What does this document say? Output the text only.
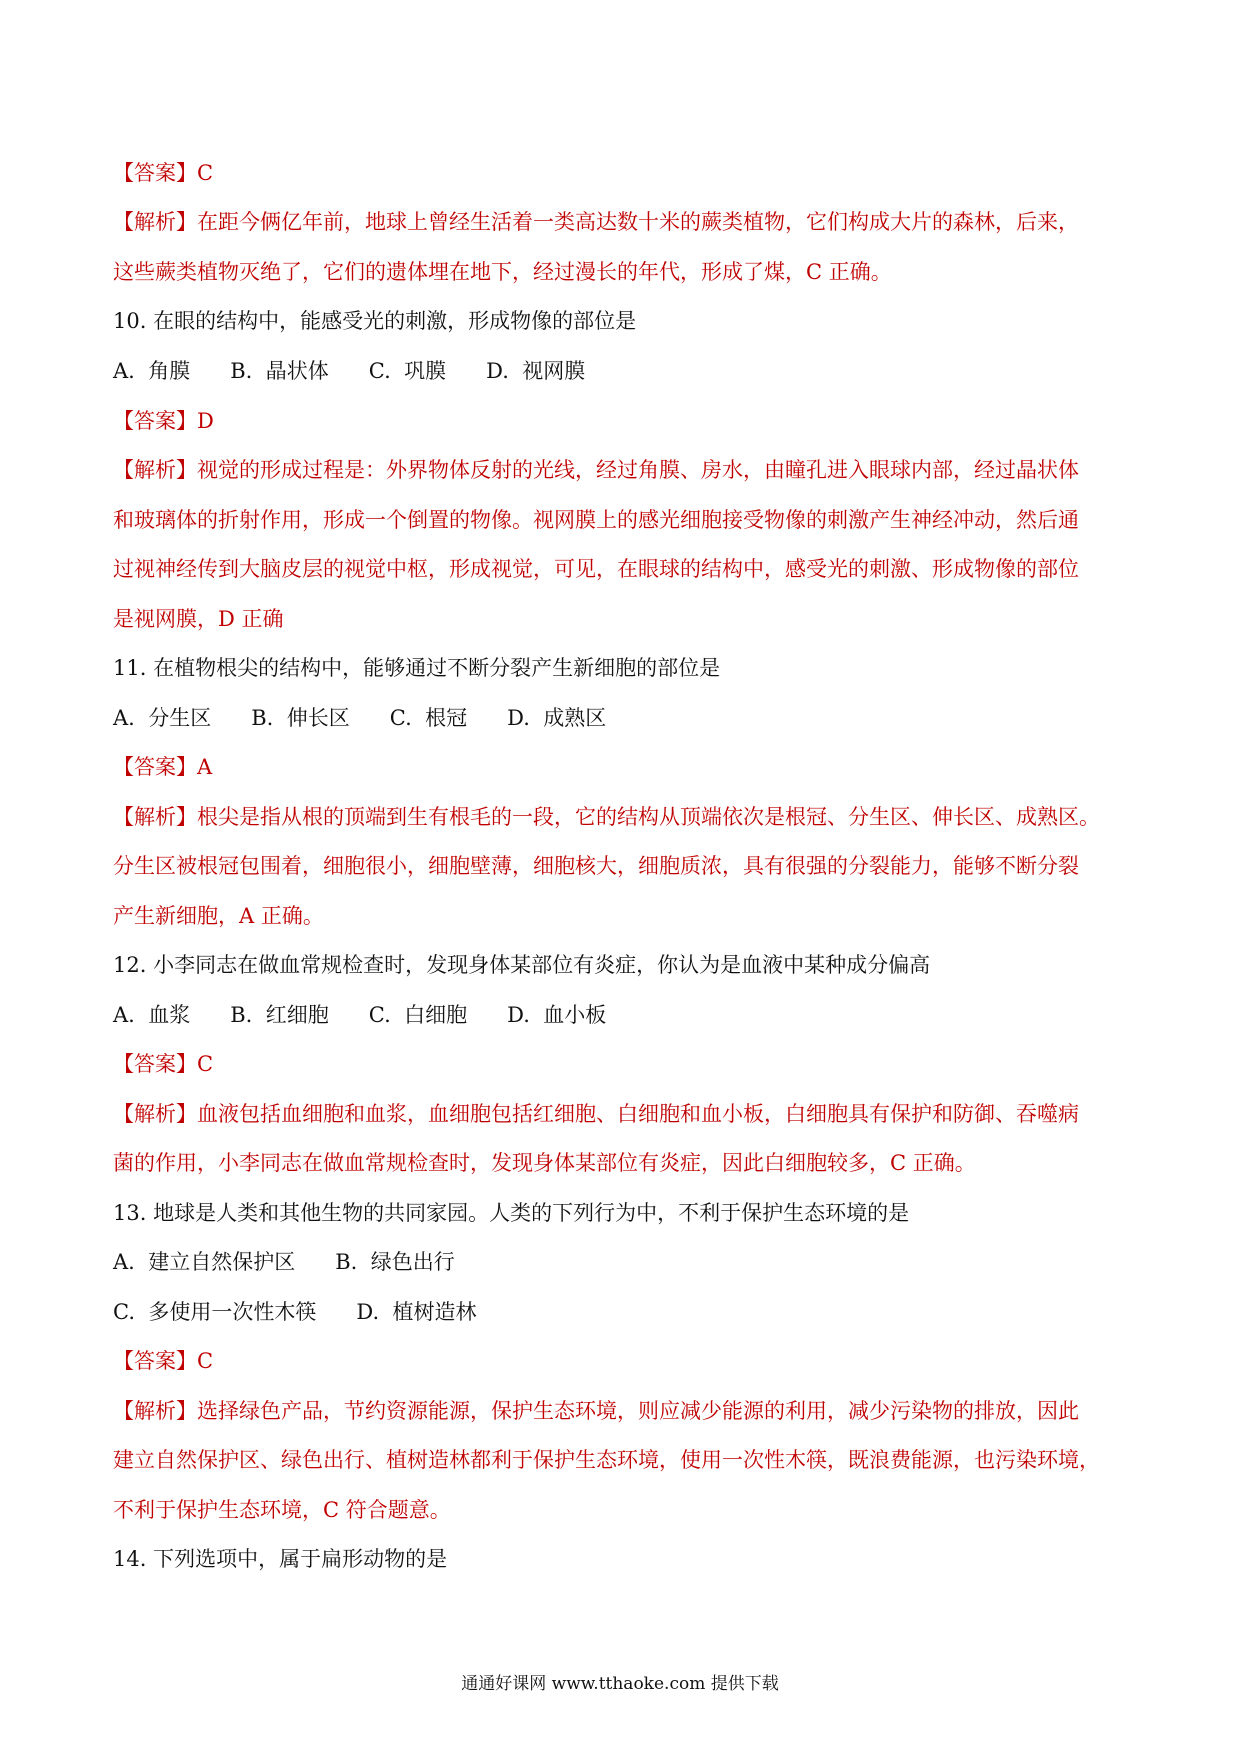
【答案】C
【解析】在距今俩亿年前，地球上曾经生活着一类高达数十米的蕨类植物，它们构成大片的森林，后来，
这些蕨类植物灭绝了，它们的遗体埋在地下，经过漫长的年代，形成了煤，C 正确。
10. 在眼的结构中，能感受光的刺激，形成物像的部位是
A.  角膜      B.  晶状体      C.  巩膜      D.  视网膜
【答案】D
【解析】视觉的形成过程是：外界物体反射的光线，经过角膜、房水，由瞳孔进入眼球内部，经过晶状体
和玻璃体的折射作用，形成一个倒置的物像。视网膜上的感光细胞接受物像的刺激产生神经冲动，然后通
过视神经传到大脑皮层的视觉中枢，形成视觉，可见，在眼球的结构中，感受光的刺激、形成物像的部位
是视网膜，D 正确
11. 在植物根尖的结构中，能够通过不断分裂产生新细胞的部位是
A.  分生区      B.  伸长区      C.  根冠      D.  成熟区
【答案】A
【解析】根尖是指从根的顶端到生有根毛的一段，它的结构从顶端依次是根冠、分生区、伸长区、成熟区。
分生区被根冠包围着，细胞很小，细胞壁薄，细胞核大，细胞质浓，具有很强的分裂能力，能够不断分裂
产生新细胞，A 正确。
12. 小李同志在做血常规检查时，发现身体某部位有炎症，你认为是血液中某种成分偏高
A.  血浆      B.  红细胞      C.  白细胞      D.  血小板
【答案】C
【解析】血液包括血细胞和血浆，血细胞包括红细胞、白细胞和血小板，白细胞具有保护和防御、吞噬病
菌的作用，小李同志在做血常规检查时，发现身体某部位有炎症，因此白细胞较多，C 正确。
13. 地球是人类和其他生物的共同家园。人类的下列行为中，不利于保护生态环境的是
A.  建立自然保护区      B.  绿色出行
C.  多使用一次性木筷      D.  植树造林
【答案】C
【解析】选择绿色产品，节约资源能源，保护生态环境，则应减少能源的利用，减少污染物的排放，因此
建立自然保护区、绿色出行、植树造林都利于保护生态环境，使用一次性木筷，既浪费能源，也污染环境，
不利于保护生态环境，C 符合题意。
14. 下列选项中，属于扁形动物的是
通通好课网 www.tthaoke.com 提供下载
